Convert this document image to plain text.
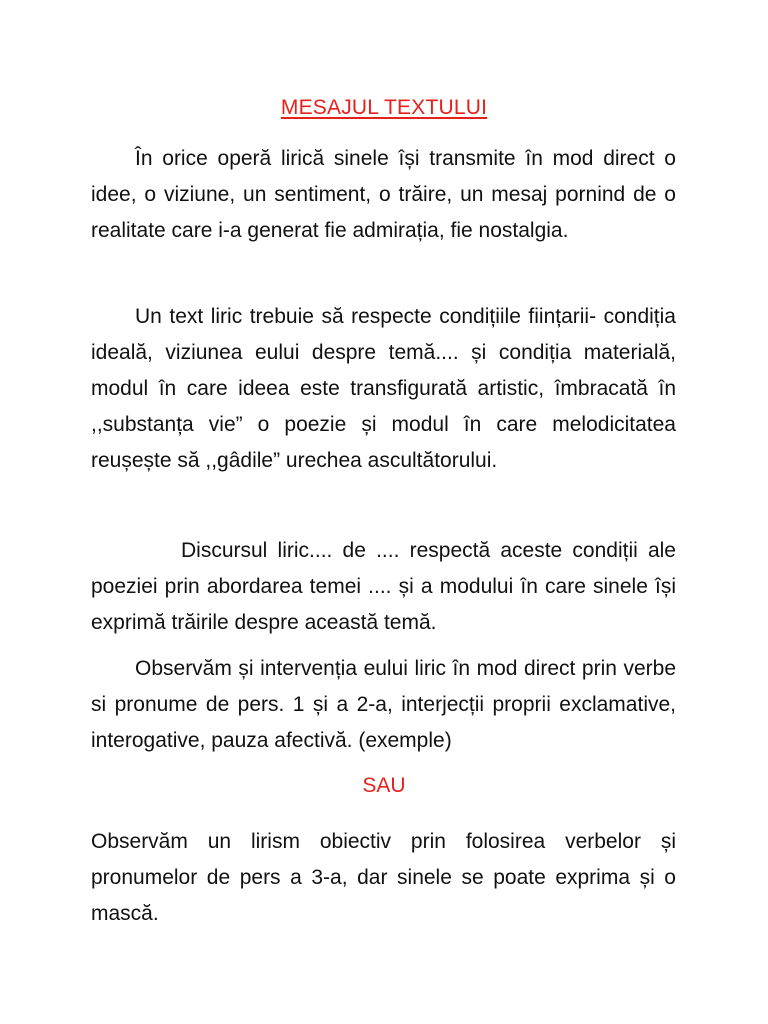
MESAJUL TEXTULUI

În orice operă lirică sinele își transmite în mod direct o idee, o viziune, un sentiment, o trăire, un mesaj pornind de o realitate care i-a generat fie admirația, fie nostalgia.

Un text liric trebuie să respecte condițiile ființarii- condiția ideală, viziunea eului despre temă.... și condiția materială, modul în care ideea este transfigurată artistic, îmbracată în ,,substanța vie” o poezie și modul în care melodicitatea reușește să ,,gâdile” urechea ascultătorului.

Discursul liric.... de .... respectă aceste condiții ale poeziei prin abordarea temei .... și a modului în care sinele își exprimă trăirile despre această temă.

Observăm și intervenția eului liric în mod direct prin verbe si pronume de pers. 1 și a 2-a, interjecții proprii exclamative, interogative, pauza afectivă. (exemple)

SAU

Observăm un lirism obiectiv prin folosirea verbelor și pronumelor de pers a 3-a, dar sinele se poate exprima și o mască.
